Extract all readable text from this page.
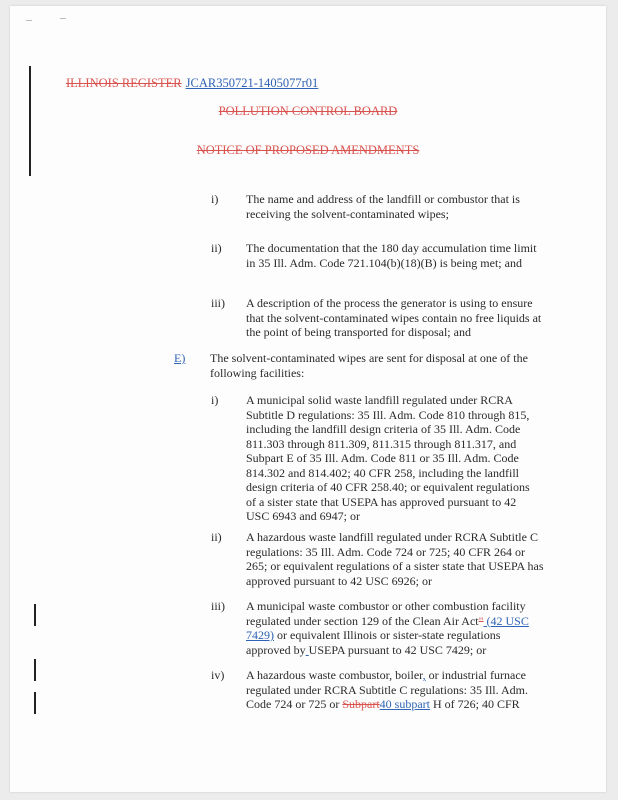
ILLINOIS REGISTER JCAR350721-1405077r01
POLLUTION CONTROL BOARD
NOTICE OF PROPOSED AMENDMENTS
i) The name and address of the landfill or combustor that is receiving the solvent-contaminated wipes;
ii) The documentation that the 180 day accumulation time limit in 35 Ill. Adm. Code 721.104(b)(18)(B) is being met; and
iii) A description of the process the generator is using to ensure that the solvent-contaminated wipes contain no free liquids at the point of being transported for disposal; and
E) The solvent-contaminated wipes are sent for disposal at one of the following facilities:
i) A municipal solid waste landfill regulated under RCRA Subtitle D regulations: 35 Ill. Adm. Code 810 through 815, including the landfill design criteria of 35 Ill. Adm. Code 811.303 through 811.309, 811.315 through 811.317, and Subpart E of 35 Ill. Adm. Code 811 or 35 Ill. Adm. Code 814.302 and 814.402; 40 CFR 258, including the landfill design criteria of 40 CFR 258.40; or equivalent regulations of a sister state that USEPA has approved pursuant to 42 USC 6943 and 6947; or
ii) A hazardous waste landfill regulated under RCRA Subtitle C regulations: 35 Ill. Adm. Code 724 or 725; 40 CFR 264 or 265; or equivalent regulations of a sister state that USEPA has approved pursuant to 42 USC 6926; or
iii) A municipal waste combustor or other combustion facility
regulated under section 129 of the Clean Air Act" (42 USC
7429) or equivalent Illinois or sister-state regulations
approved by USEPA pursuant to 42 USC 7429; or
iv) A hazardous waste combustor, boiler, or industrial furnace
regulated under RCRA Subtitle C regulations: 35 Ill. Adm.
Code 724 or 725 or Subpart40 subpart H of 726; 40 CFR
